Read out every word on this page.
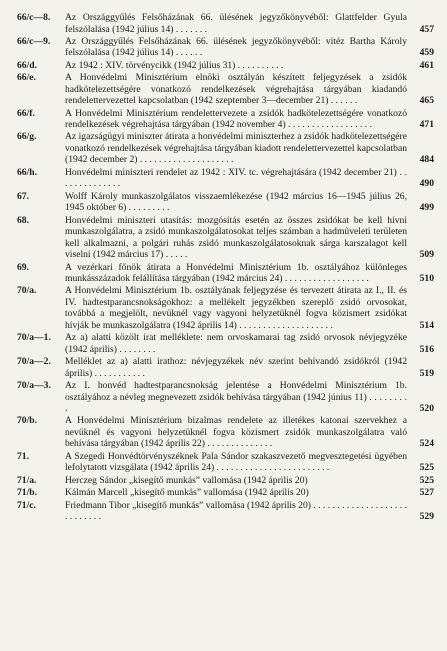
66/c—8.	Az Országgyűlés Felsőházának 66. ülésének jegyzőkönyvéből: Glattfelder Gyula felszólalása (1942 július 14) . . . . . . .	457
66/c—9.	Az Országgyűlés Felsőházának 66. ülésének jegyzőkönyvéből: vitéz Bartha Károly felszólalása (1942 július 14) . . . . . .	459
66/d.	Az 1942 : XIV. törvénycikk (1942 július 31) . . . . . . . . . .	461
66/e.	A Honvédelmi Minisztérium elnöki osztályán készített feljegyzések a zsidók hadkötelezettségére vonatkozó rendelkezések végrehajtása tárgyában kiadandó rendelettervezettel kapcsolatban (1942 szeptember 3—december 21) . . . . . .	465
66/f.	A Honvédelmi Minisztérium rendelettervezete a zsidók hadkötelezettségére vonatkozó rendelkezések végrehajtása tárgyában (1942 november 4) . . . . . . . . . . . . . . . . . .	471
66/g.	Az igazságügyi miniszter átirata a honvédelmi miniszterhez a zsidók hadkötelezettségére vonatkozó rendelkezések végrehajtása tárgyában kiadott rendelettervezettel kapcsolatban (1942 december 2) . . . . . . . . . . . . . . . . . . . .	484
66/h.	Honvédelmi miniszteri rendelet az 1942 : XIV. tc. végrehajtására (1942 december 21) . . . . . . . . . . . . . .	490
67.	Wolff Károly munkaszolgálatos visszaemlékezése (1942 március 16—1945 július 26, 1945 október 6) . . . . . . . . .	499
68.	Honvédelmi miniszteri utasítás: mozgósítás esetén az összes zsidókat be kell hívni munkaszolgálatra, a zsidó munkaszolgálatosokat teljes számban a hadműveleti területen kell alkalmazni, a polgári ruhás zsidó munkaszolgálatosoknak sárga karszalagot kell viselni (1942 március 17) . . . . .	509
69.	A vezérkari főnök átirata a Honvédelmi Minisztérium 1b. osztályához különleges munkásszázadok felállítása tárgyában (1942 március 24) . . . . . . . . . . . . . . . . . .	510
70/a.	A Honvédelmi Minisztérium 1b. osztályának feljegyzése és tervezett átirata az I., II. és IV. hadtestparancsnokságokhoz: a mellékelt jegyzékben szereplő zsidó orvosokat, továbbá a megjelölt, nevüknél vagy vagyoni helyzetüknél fogva közismert zsidókat hívják be munkaszolgálatra (1942 április 14) . . . . . . . . . . . . . . . . . . . .	514
70/a—1.	Az a) alatti közölt irat melléklete: nem orvoskamarai tag zsidó orvosok névjegyzéke (1942 április) . . . . . . . .	516
70/a—2.	Melléklet az a) alatti irathoz: névjegyzékek név szerint behívandó zsidókról (1942 április) . . . . . . . . . . .	519
70/a—3.	Az I. honvéd hadtestparancsnokság jelentése a Honvédelmi Minisztérium 1b. osztályához a névleg megnevezett zsidók behívása tárgyában (1942 június 11) . . . . . . . . .	520
70/b.	A Honvédelmi Minisztérium bizalmas rendelete az illetékes katonai szervekhez a nevüknél és vagyoni helyzetüknél fogva közismert zsidók munkaszolgálatra való behívása tárgyában (1942 április 22) . . . . . . . . . . . . . .	524
71.	A Szegedi Honvédtörvényszéknek Pala Sándor szakaszvezető megvesztegetési ügyében lefolytatott vizsgálata (1942 április 24) . . . . . . . . . . . . . . . . . . . . . . . .	525
71/a.	Herczeg Sándor „kisegítő munkás” vallomása (1942 április 20)	525
71/b.	Kálmán Marcell „kisegítő munkás” vallomása (1942 április 20)	527
71/c.	Friedmann Tibor „kisegítő munkás” vallomása (1942 április 20) . . . . . . . . . . . . . . . . . . . . . . . . . . . .	529
